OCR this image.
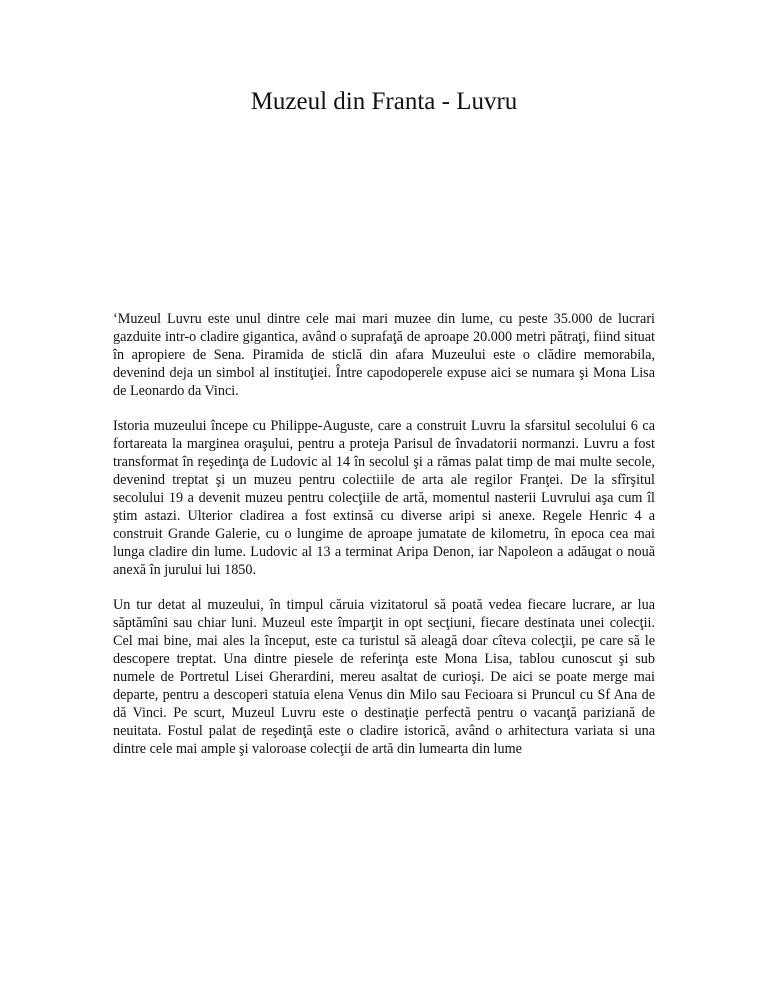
Muzeul din Franta - Luvru

‘Muzeul Luvru este unul dintre cele mai mari muzee din lume, cu peste 35.000 de lucrari gazduite intr-o cladire gigantica, având o suprafaţă de aproape 20.000 metri pătraţi, fiind situat în apropiere de Sena. Piramida de sticlă din afara Muzeului este o clădire memorabila, devenind deja un simbol al instituţiei. Între capodoperele expuse aici se numara şi Mona Lisa de Leonardo da Vinci.

Istoria muzeului începe cu Philippe-Auguste, care a construit Luvru la sfarsitul secolului 6 ca fortareata la marginea oraşului, pentru a proteja Parisul de învadatorii normanzi. Luvru a fost transformat în reşedinţa de Ludovic al 14 în secolul şi a rămas palat timp de mai multe secole, devenind treptat şi un muzeu pentru colectiile de arta ale regilor Franţei. De la sfîrşitul secolului 19 a devenit muzeu pentru colecţiile de artă, momentul nasterii Luvrului aşa cum îl ştim astazi. Ulterior cladirea a fost extinsă cu diverse aripi si anexe. Regele Henric 4 a construit Grande Galerie, cu o lungime de aproape jumatate de kilometru, în epoca cea mai lunga cladire din lume. Ludovic al 13 a terminat Aripa Denon, iar Napoleon a adăugat o nouă anexă în jurului lui 1850.

Un tur detat al muzeului, în timpul căruia vizitatorul să poată vedea fiecare lucrare, ar lua săptămîni sau chiar luni. Muzeul este împarţit in opt secţiuni, fiecare destinata unei colecţii. Cel mai bine, mai ales la început, este ca turistul să aleagă doar cîteva colecţii, pe care să le descopere treptat. Una dintre piesele de referinţa este Mona Lisa, tablou cunoscut şi sub numele de Portretul Lisei Gherardini, mereu asaltat de curioşi. De aici se poate merge mai departe, pentru a descoperi statuia elena Venus din Milo sau Fecioara si Pruncul cu Sf Ana de dă Vinci. Pe scurt, Muzeul Luvru este o destinaţie perfectă pentru o vacanţă pariziană de neuitata. Fostul palat de reşedinţă este o cladire istorică, având o arhitectura variata si una dintre cele mai ample şi valoroase colecţii de artă din lumearta din lume
